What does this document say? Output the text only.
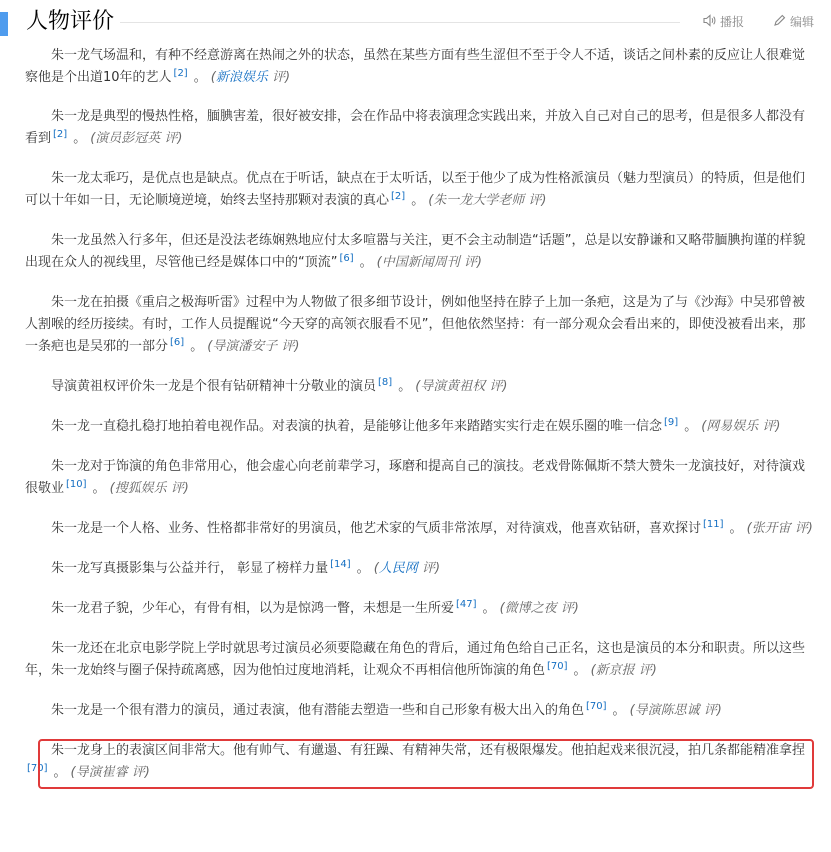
人物评价	播报	编辑

朱一龙气场温和，有种不经意游离在热闹之外的状态，虽然在某些方面有些生涩但不至于令人不适，谈话之间朴素的反应让人很难觉察他是个出道10年的艺人 [2] 。 (新浪娱乐 评)

朱一龙是典型的慢热性格，腼腆害羞，很好被安排，会在作品中将表演理念实践出来，并放入自己对自己的思考，但是很多人都没有看到 [2] 。 (演员彭冠英 评)

朱一龙太乖巧，是优点也是缺点。优点在于听话，缺点在于太听话，以至于他少了成为性格派演员（魅力型演员）的特质，但是他们可以十年如一日，无论顺境逆境，始终去坚持那颗对表演的真心 [2] 。 (朱一龙大学老师 评)

朱一龙虽然入行多年，但还是没法老练娴熟地应付太多喧嚣与关注，更不会主动制造“话题”，总是以安静谦和又略带腼腆拘谨的样貌出现在众人的视线里，尽管他已经是媒体口中的“顶流” [6] 。 (中国新闻周刊 评)

朱一龙在拍摄《重启之极海听雷》过程中为人物做了很多细节设计，例如他坚持在脖子上加一条疤，这是为了与《沙海》中吴邪曾被人割喉的经历接续。有时，工作人员提醒说“今天穿的高领衣服看不见”，但他依然坚持：有一部分观众会看出来的，即使没被看出来，那一条疤也是吴邪的一部分 [6] 。 (导演潘安子 评)

导演黄祖权评价朱一龙是个很有钻研精神十分敬业的演员 [8] 。 (导演黄祖权 评)

朱一龙一直稳扎稳打地拍着电视作品。对表演的执着，是能够让他多年来踏踏实实行走在娱乐圈的唯一信念 [9] 。 (网易娱乐 评)

朱一龙对于饰演的角色非常用心，他会虚心向老前辈学习，琢磨和提高自己的演技。老戏骨陈佩斯不禁大赞朱一龙演技好，对待演戏很敬业 [10] 。 (搜狐娱乐 评)

朱一龙是一个人格、业务、性格都非常好的男演员，他艺术家的气质非常浓厚，对待演戏，他喜欢钻研，喜欢探讨 [11] 。 (张开宙 评)

朱一龙写真摄影集与公益并行， 彰显了榜样力量 [14] 。 (人民网 评)

朱一龙君子貌，少年心，有骨有相，以为是惊鸿一瞥，未想是一生所爱 [47] 。 (微博之夜 评)

朱一龙还在北京电影学院上学时就思考过演员必须要隐藏在角色的背后，通过角色给自己正名，这也是演员的本分和职责。所以这些年，朱一龙始终与圈子保持疏离感，因为他怕过度地消耗，让观众不再相信他所饰演的角色 [70] 。 (新京报 评)

朱一龙是一个很有潜力的演员，通过表演，他有潜能去塑造一些和自己形象有极大出入的角色 [70] 。 (导演陈思诚 评)

朱一龙身上的表演区间非常大。他有帅气、有邋遢、有狂躁、有精神失常，还有极限爆发。他拍起戏来很沉浸，拍几条都能精准拿捏[70] 。 (导演崔睿 评)
